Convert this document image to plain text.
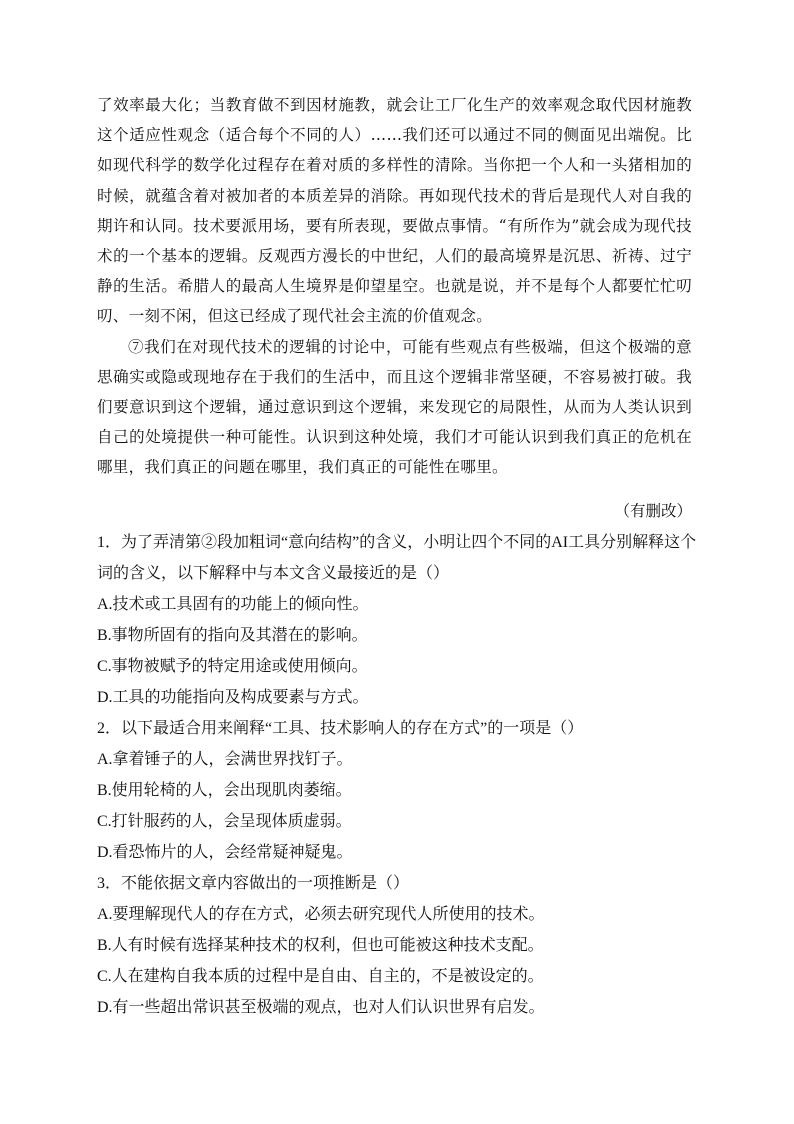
了效率最大化；当教育做不到因材施教，就会让工厂化生产的效率观念取代因材施教这个适应性观念（适合每个不同的人）……我们还可以通过不同的侧面见出端倪。比如现代科学的数学化过程存在着对质的多样性的清除。当你把一个人和一头猪相加的时候，就蕴含着对被加者的本质差异的消除。再如现代技术的背后是现代人对自我的期许和认同。技术要派用场，要有所表现，要做点事情。“有所作为”就会成为现代技术的一个基本的逻辑。反观西方漫长的中世纪，人们的最高境界是沉思、祈祷、过宁静的生活。希腊人的最高人生境界是仰望星空。也就是说，并不是每个人都要忙忙叨叨、一刻不闲，但这已经成了现代社会主流的价值观念。

⑦我们在对现代技术的逻辑的讨论中，可能有些观点有些极端，但这个极端的意思确实或隐或现地存在于我们的生活中，而且这个逻辑非常坚硬，不容易被打破。我们要意识到这个逻辑，通过意识到这个逻辑，来发现它的局限性，从而为人类认识到自己的处境提供一种可能性。认识到这种处境，我们才可能认识到我们真正的危机在哪里，我们真正的问题在哪里，我们真正的可能性在哪里。

（有删改）

1．为了弄清第②段加粗词“意向结构”的含义，小明让四个不同的AI工具分别解释这个词的含义，以下解释中与本文含义最接近的是（）

A.技术或工具固有的功能上的倾向性。

B.事物所固有的指向及其潜在的影响。

C.事物被赋予的特定用途或使用倾向。

D.工具的功能指向及构成要素与方式。

2．以下最适合用来阐释“工具、技术影响人的存在方式”的一项是（）

A.拿着锤子的人，会满世界找钉子。

B.使用轮椅的人，会出现肌肉萎缩。

C.打针服药的人，会呈现体质虚弱。

D.看恐怖片的人，会经常疑神疑鬼。

3．不能依据文章内容做出的一项推断是（）

A.要理解现代人的存在方式，必须去研究现代人所使用的技术。

B.人有时候有选择某种技术的权利，但也可能被这种技术支配。

C.人在建构自我本质的过程中是自由、自主的，不是被设定的。

D.有一些超出常识甚至极端的观点，也对人们认识世界有启发。
